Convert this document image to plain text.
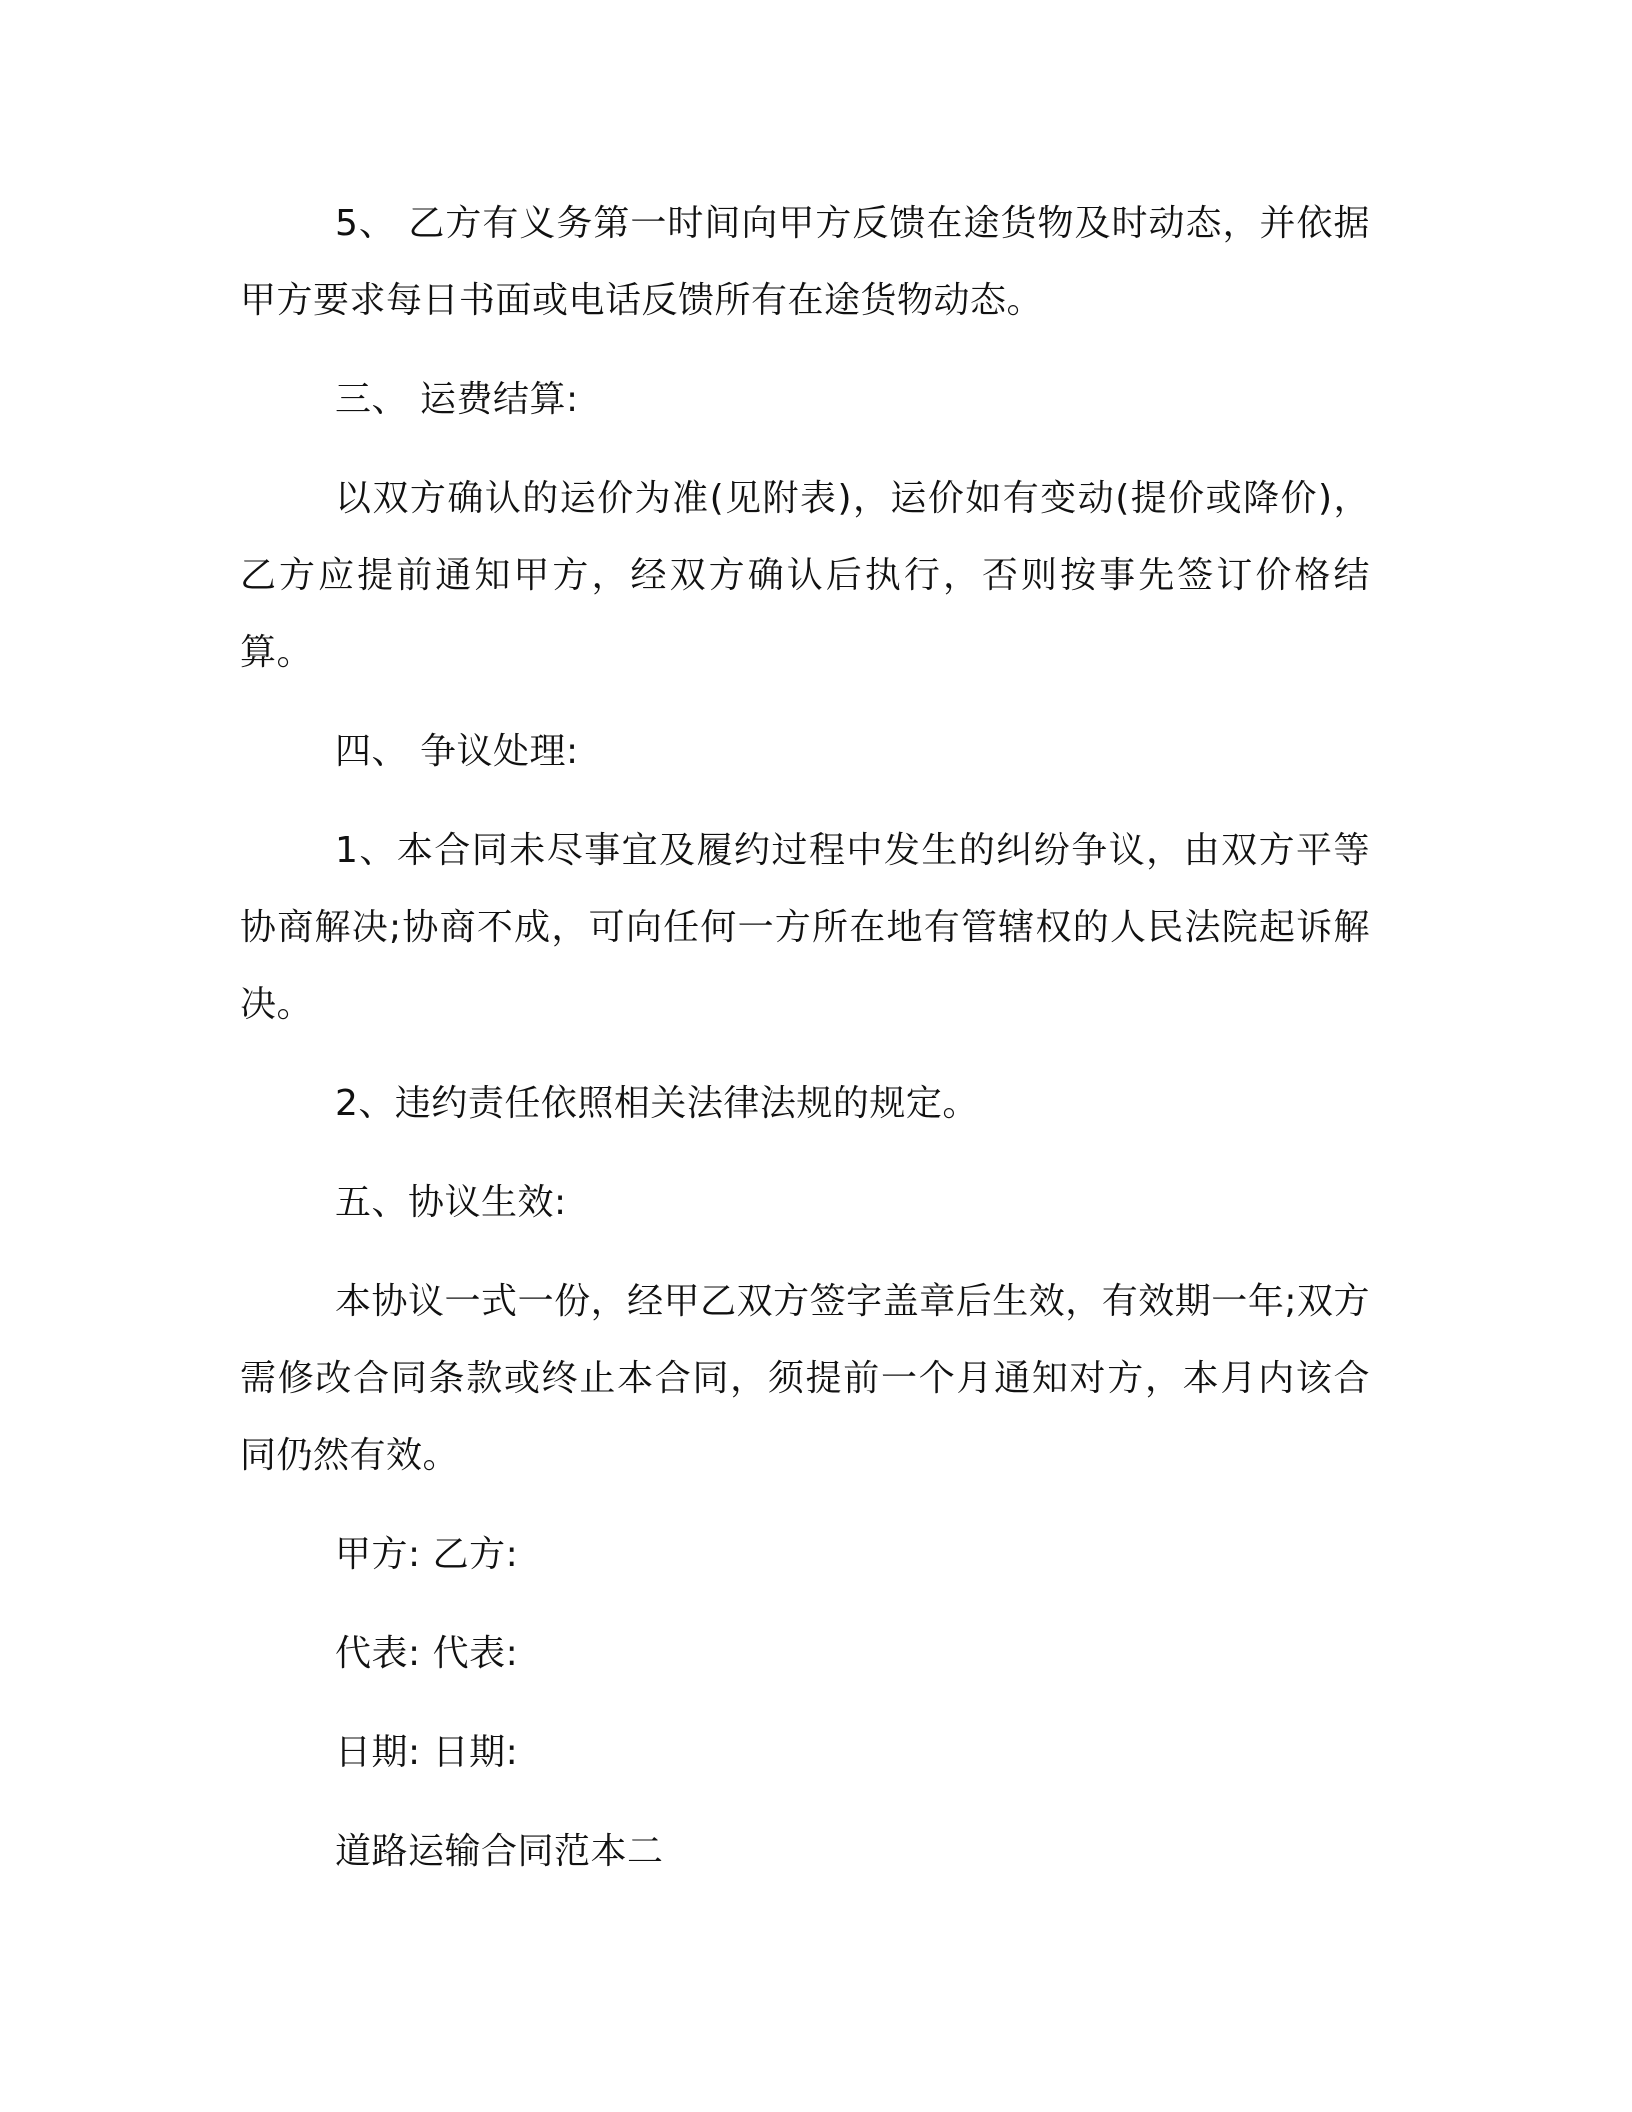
5、 乙方有义务第一时间向甲方反馈在途货物及时动态，并依据甲方要求每日书面或电话反馈所有在途货物动态。

三、 运费结算:

以双方确认的运价为准(见附表)，运价如有变动(提价或降价)，乙方应提前通知甲方，经双方确认后执行，否则按事先签订价格结算。

四、 争议处理:

1、本合同未尽事宜及履约过程中发生的纠纷争议，由双方平等协商解决;协商不成，可向任何一方所在地有管辖权的人民法院起诉解决。

2、违约责任依照相关法律法规的规定。

五、协议生效:

本协议一式一份，经甲乙双方签字盖章后生效，有效期一年;双方需修改合同条款或终止本合同，须提前一个月通知对方，本月内该合同仍然有效。

甲方: 乙方:

代表: 代表:

日期: 日期:

道路运输合同范本二
